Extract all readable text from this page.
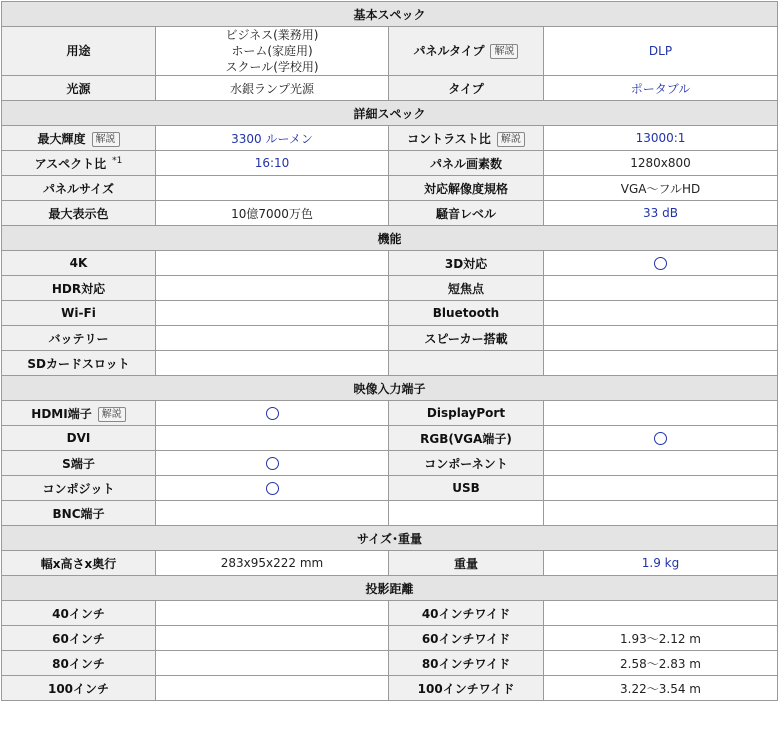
基本スペック			
用途	ビジネス(業務用)
ホーム(家庭用)
スクール(学校用)	パネルタイプ 解説	DLP
光源	水銀ランプ光源	タイプ	ポータブル
詳細スペック			
最大輝度 解説	3300 ルーメン	コントラスト比 解説	13000:1
アスペクト比 $^{*1}$	16:10	パネル画素数	1280x800
パネルサイズ		対応解像度規格	VGA～フルHD
最大表示色	10億7000万色	騒音レベル	33 dB
機能			
4K		3D対応	
HDR対応		短焦点	
Wi-Fi		Bluetooth	
バッテリー		スピーカー搭載	
SDカードスロット			
映像入力端子			
HDMI端子 解説		DisplayPort	
DVI		RGB(VGA端子)	
S端子		コンポーネント	
コンポジット		USB	
BNC端子			
サイズ･重量			
幅x高さx奥行	283x95x222 mm	重量	1.9 kg
投影距離			
40インチ		40インチワイド	
60インチ		60インチワイド	1.93～2.12 m
80インチ		80インチワイド	2.58～2.83 m
100インチ		100インチワイド	3.22～3.54 m
